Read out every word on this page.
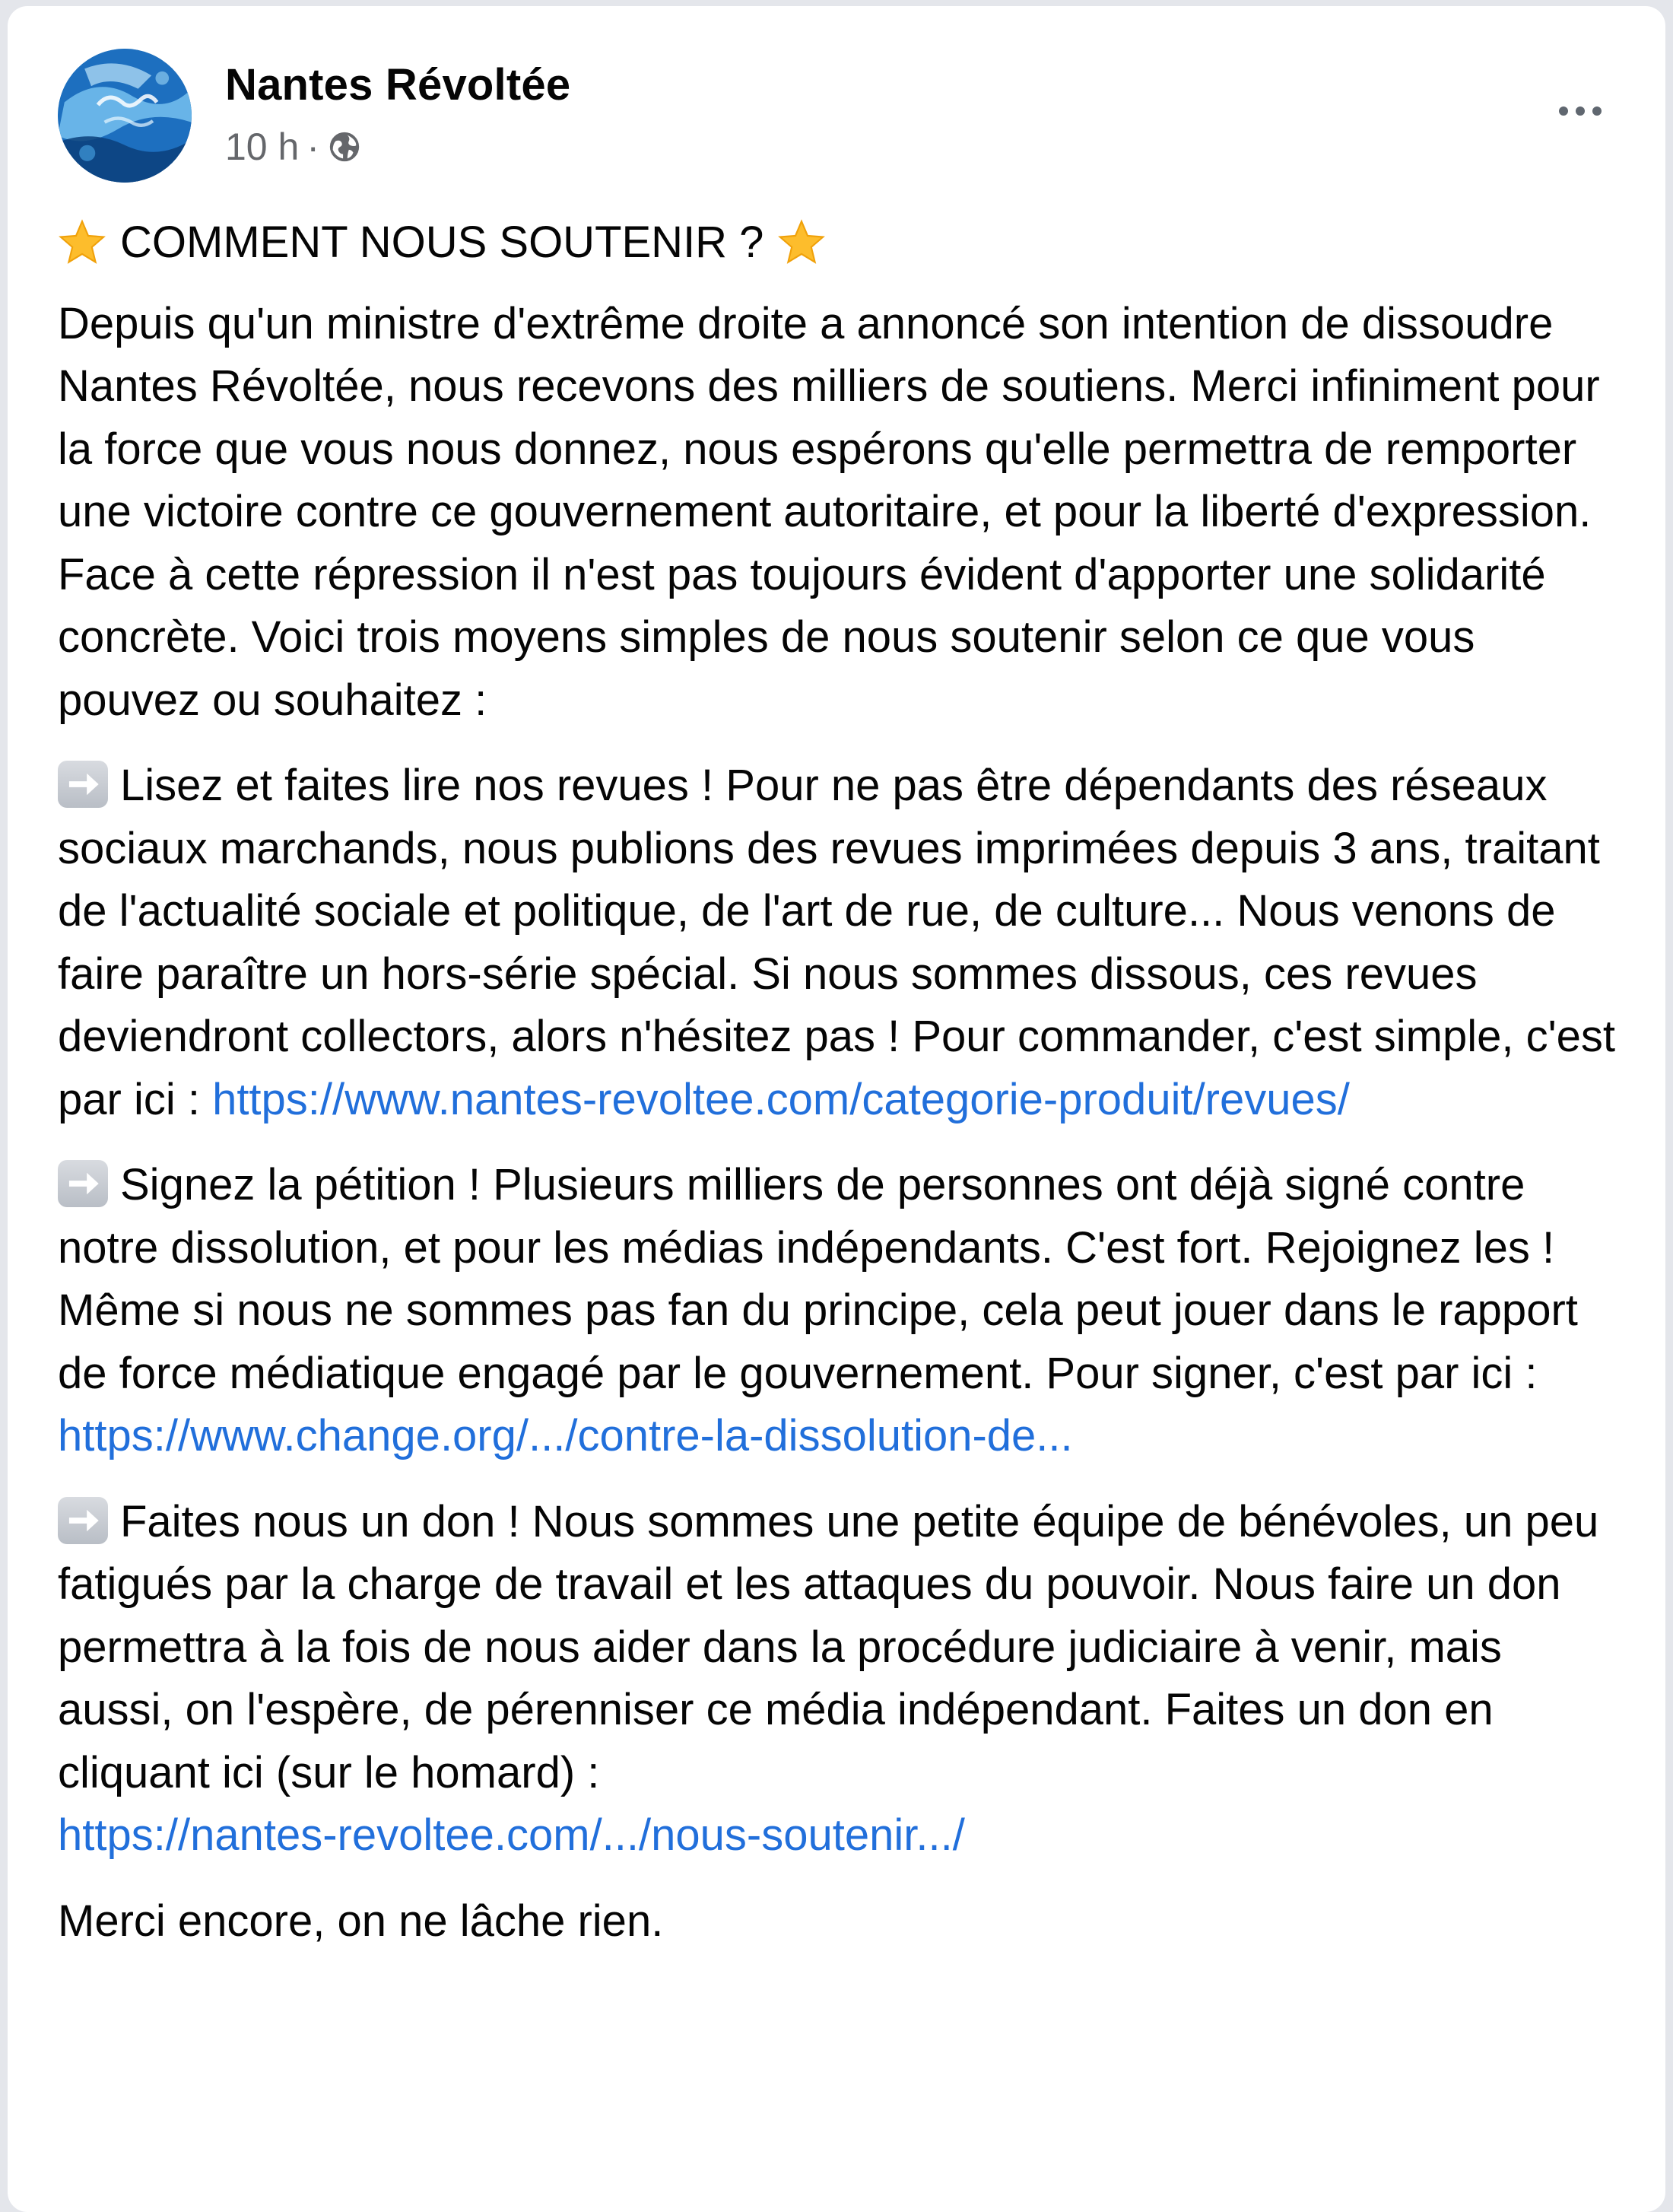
Nantes Révoltée
10 h ·

COMMENT NOUS SOUTENIR ?

Depuis qu'un ministre d'extrême droite a annoncé son intention de dissoudre Nantes Révoltée, nous recevons des milliers de soutiens. Merci infiniment pour la force que vous nous donnez, nous espérons qu'elle permettra de remporter une victoire contre ce gouvernement autoritaire, et pour la liberté d'expression. Face à cette répression il n'est pas toujours évident d'apporter une solidarité concrète. Voici trois moyens simples de nous soutenir selon ce que vous pouvez ou souhaitez :

Lisez et faites lire nos revues ! Pour ne pas être dépendants des réseaux sociaux marchands, nous publions des revues imprimées depuis 3 ans, traitant de l'actualité sociale et politique, de l'art de rue, de culture... Nous venons de faire paraître un hors-série spécial. Si nous sommes dissous, ces revues deviendront collectors, alors n'hésitez pas ! Pour commander, c'est simple, c'est par ici : https://www.nantes-revoltee.com/categorie-produit/revues/

Signez la pétition ! Plusieurs milliers de personnes ont déjà signé contre notre dissolution, et pour les médias indépendants. C'est fort. Rejoignez les ! Même si nous ne sommes pas fan du principe, cela peut jouer dans le rapport de force médiatique engagé par le gouvernement. Pour signer, c'est par ici :
https://www.change.org/.../contre-la-dissolution-de...

Faites nous un don ! Nous sommes une petite équipe de bénévoles, un peu fatigués par la charge de travail et les attaques du pouvoir. Nous faire un don permettra à la fois de nous aider dans la procédure judiciaire à venir, mais aussi, on l'espère, de pérenniser ce média indépendant. Faites un don en cliquant ici (sur le homard) :
https://nantes-revoltee.com/.../nous-soutenir.../

Merci encore, on ne lâche rien.
